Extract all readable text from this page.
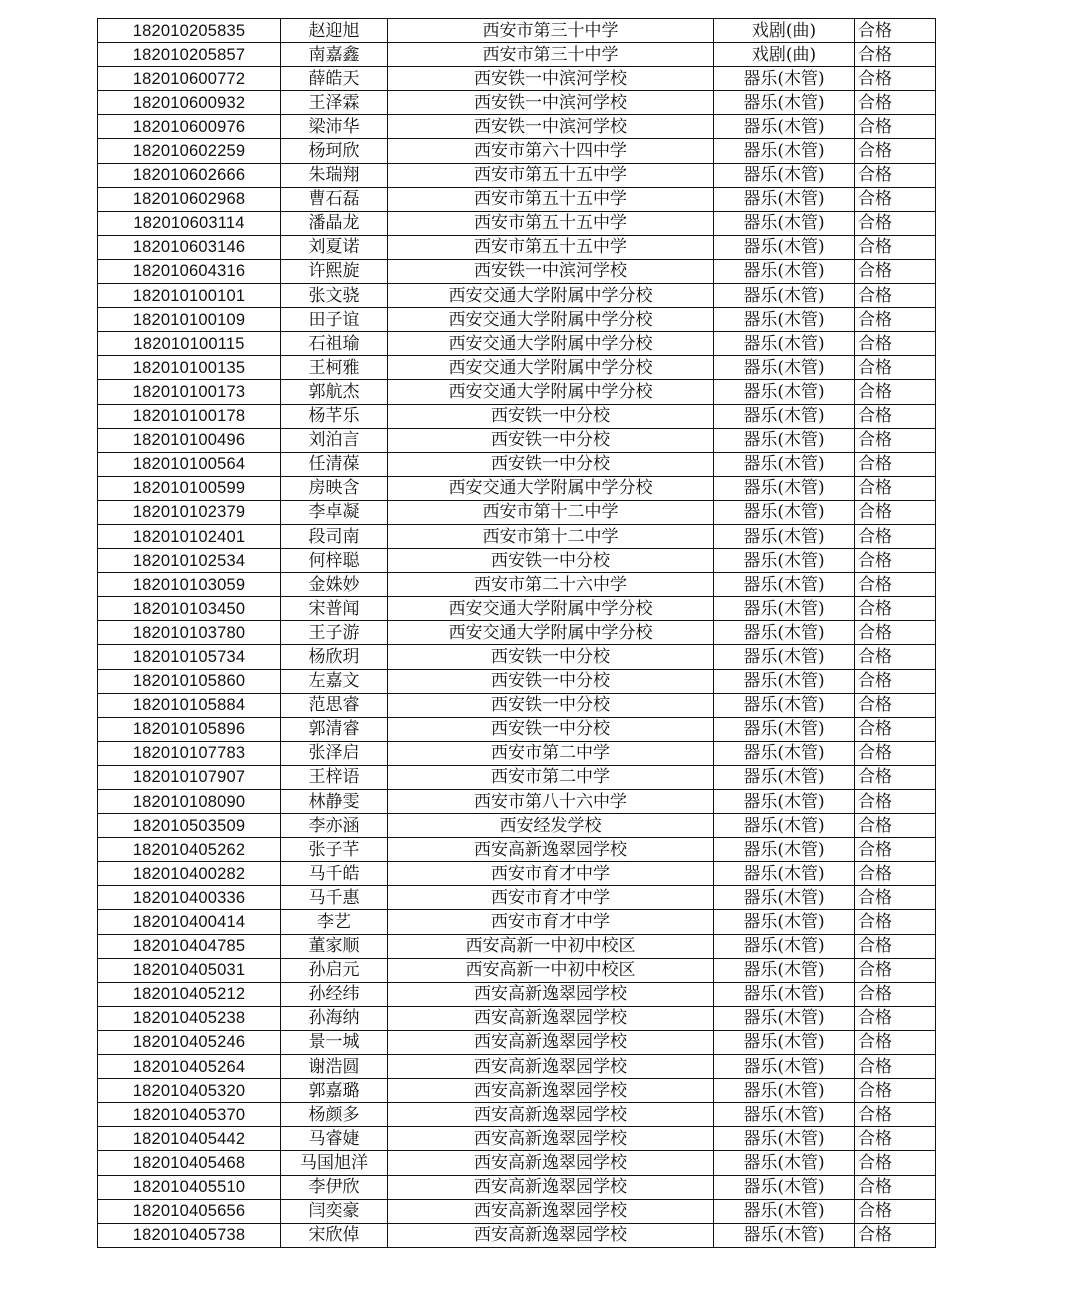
182010205835	赵迎旭	西安市第三十中学	戏剧(曲)	合格
182010205857	南嘉鑫	西安市第三十中学	戏剧(曲)	合格
182010600772	薛皓天	西安铁一中滨河学校	器乐(木管)	合格
182010600932	王泽霖	西安铁一中滨河学校	器乐(木管)	合格
182010600976	梁沛华	西安铁一中滨河学校	器乐(木管)	合格
182010602259	杨珂欣	西安市第六十四中学	器乐(木管)	合格
182010602666	朱瑞翔	西安市第五十五中学	器乐(木管)	合格
182010602968	曹石磊	西安市第五十五中学	器乐(木管)	合格
182010603114	潘晶龙	西安市第五十五中学	器乐(木管)	合格
182010603146	刘夏诺	西安市第五十五中学	器乐(木管)	合格
182010604316	许熙旋	西安铁一中滨河学校	器乐(木管)	合格
182010100101	张文骁	西安交通大学附属中学分校	器乐(木管)	合格
182010100109	田子谊	西安交通大学附属中学分校	器乐(木管)	合格
182010100115	石祖瑜	西安交通大学附属中学分校	器乐(木管)	合格
182010100135	王柯雅	西安交通大学附属中学分校	器乐(木管)	合格
182010100173	郭航杰	西安交通大学附属中学分校	器乐(木管)	合格
182010100178	杨芊乐	西安铁一中分校	器乐(木管)	合格
182010100496	刘泊言	西安铁一中分校	器乐(木管)	合格
182010100564	任清葆	西安铁一中分校	器乐(木管)	合格
182010100599	房映含	西安交通大学附属中学分校	器乐(木管)	合格
182010102379	李卓凝	西安市第十二中学	器乐(木管)	合格
182010102401	段司南	西安市第十二中学	器乐(木管)	合格
182010102534	何梓聪	西安铁一中分校	器乐(木管)	合格
182010103059	金姝妙	西安市第二十六中学	器乐(木管)	合格
182010103450	宋普闻	西安交通大学附属中学分校	器乐(木管)	合格
182010103780	王子游	西安交通大学附属中学分校	器乐(木管)	合格
182010105734	杨欣玥	西安铁一中分校	器乐(木管)	合格
182010105860	左嘉文	西安铁一中分校	器乐(木管)	合格
182010105884	范思睿	西安铁一中分校	器乐(木管)	合格
182010105896	郭清睿	西安铁一中分校	器乐(木管)	合格
182010107783	张泽启	西安市第二中学	器乐(木管)	合格
182010107907	王梓语	西安市第二中学	器乐(木管)	合格
182010108090	林静雯	西安市第八十六中学	器乐(木管)	合格
182010503509	李亦涵	西安经发学校	器乐(木管)	合格
182010405262	张子芊	西安高新逸翠园学校	器乐(木管)	合格
182010400282	马千皓	西安市育才中学	器乐(木管)	合格
182010400336	马千惠	西安市育才中学	器乐(木管)	合格
182010400414	李艺	西安市育才中学	器乐(木管)	合格
182010404785	董家顺	西安高新一中初中校区	器乐(木管)	合格
182010405031	孙启元	西安高新一中初中校区	器乐(木管)	合格
182010405212	孙经纬	西安高新逸翠园学校	器乐(木管)	合格
182010405238	孙海纳	西安高新逸翠园学校	器乐(木管)	合格
182010405246	景一城	西安高新逸翠园学校	器乐(木管)	合格
182010405264	谢浩圆	西安高新逸翠园学校	器乐(木管)	合格
182010405320	郭嘉璐	西安高新逸翠园学校	器乐(木管)	合格
182010405370	杨颜多	西安高新逸翠园学校	器乐(木管)	合格
182010405442	马睿婕	西安高新逸翠园学校	器乐(木管)	合格
182010405468	马国旭洋	西安高新逸翠园学校	器乐(木管)	合格
182010405510	李伊欣	西安高新逸翠园学校	器乐(木管)	合格
182010405656	闫奕豪	西安高新逸翠园学校	器乐(木管)	合格
182010405738	宋欣倬	西安高新逸翠园学校	器乐(木管)	合格
